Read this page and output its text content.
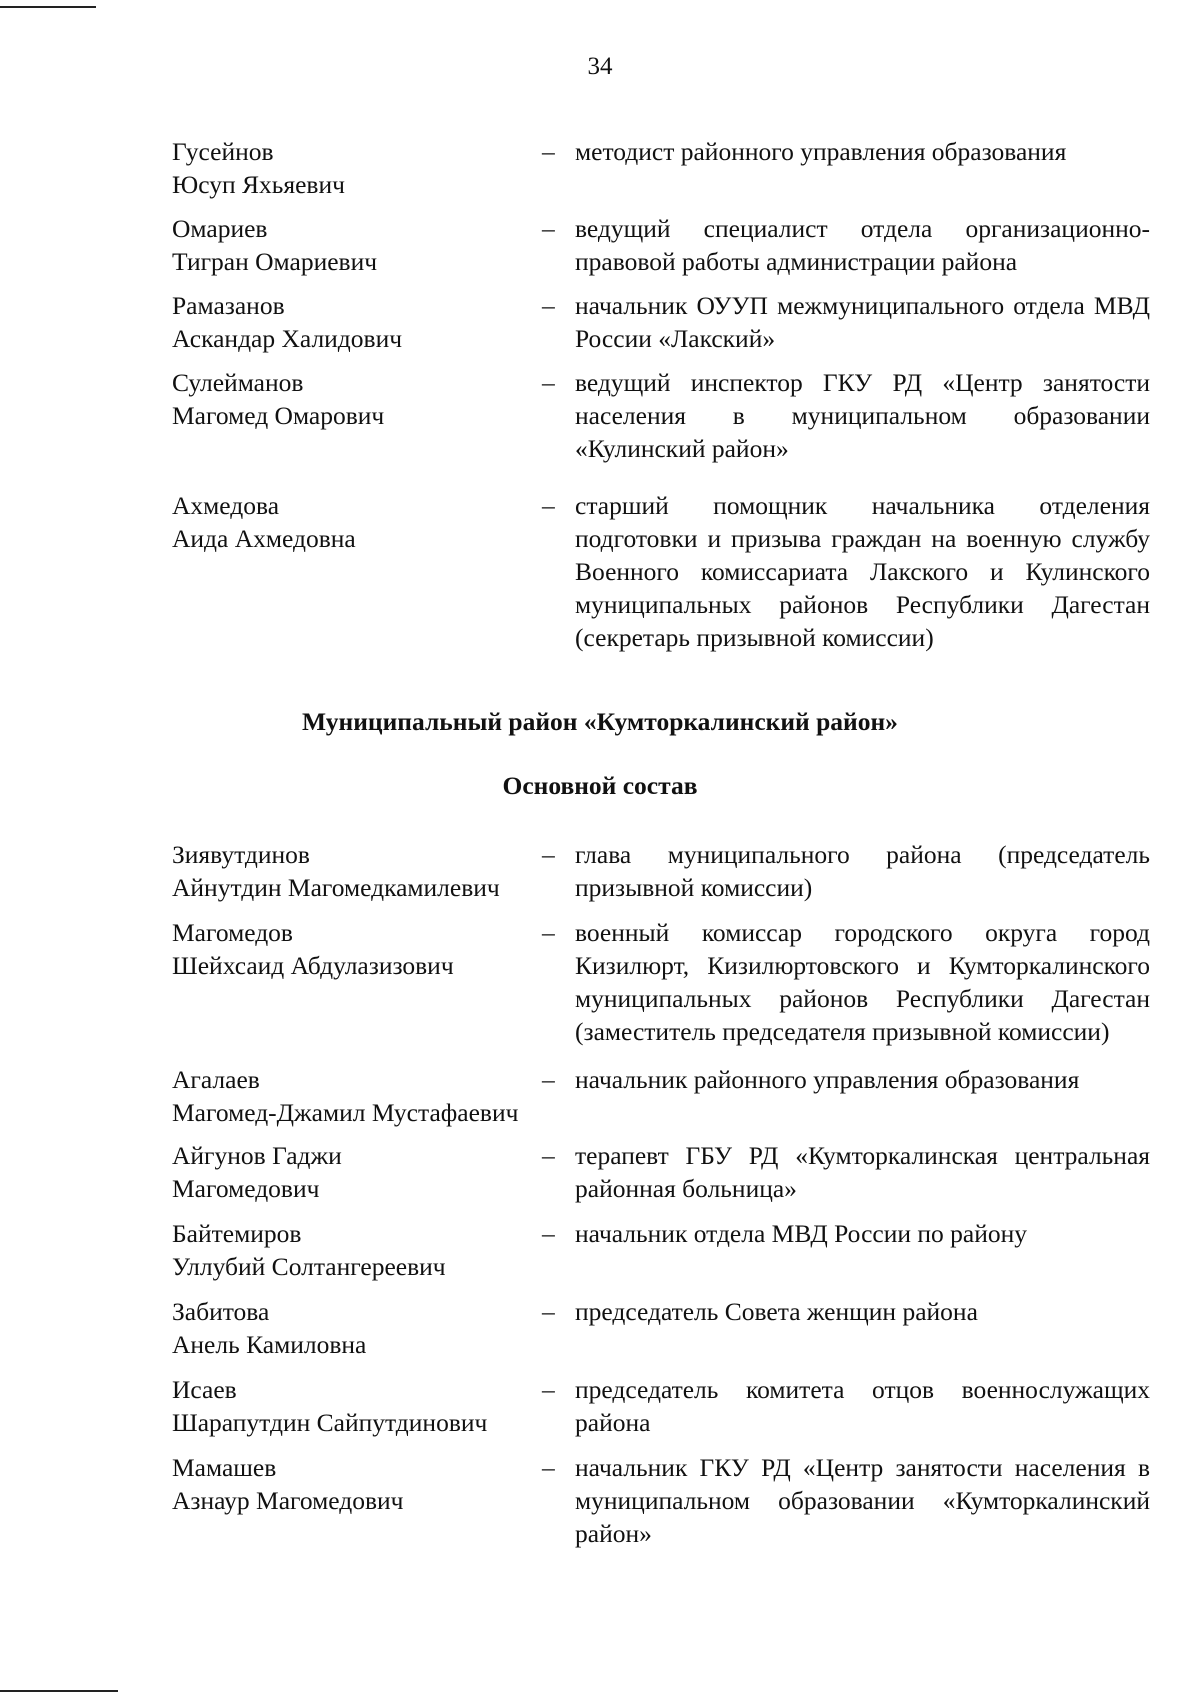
34
Гусейнов
Юсуп Яхьяевич
– методист районного управления образования
Омариев
Тигран Омариевич
– ведущий специалист отдела организационно-правовой работы администрации района
Рамазанов
Аскандар Халидович
– начальник ОУУП межмуниципального отдела МВД России «Лакский»
Сулейманов
Магомед Омарович
– ведущий инспектор ГКУ РД «Центр занятости населения в муниципальном образовании «Кулинский район»
Ахмедова
Аида Ахмедовна
– старший помощник начальника отделения подготовки и призыва граждан на военную службу Военного комиссариата Лакского и Кулинского муниципальных районов Республики Дагестан (секретарь призывной комиссии)
Муниципальный район «Кумторкалинский район»
Основной состав
Зиявутдинов
Айнутдин Магомедкамилевич
– глава муниципального района (председатель призывной комиссии)
Магомедов
Шейхсаид Абдулазизович
– военный комиссар городского округа город Кизилюрт, Кизилюртовского и Кумторкалинского муниципальных районов Республики Дагестан (заместитель председателя призывной комиссии)
Агалаев
Магомед-Джамил Мустафаевич
– начальник районного управления образования
Айгунов Гаджи
Магомедович
– терапевт ГБУ РД «Кумторкалинская центральная районная больница»
Байтемиров
Уллубий Солтангереевич
– начальник отдела МВД России по району
Забитова
Анель Камиловна
– председатель Совета женщин района
Исаев
Шарапутдин Сайпутдинович
– председатель комитета отцов военнослужащих района
Мамашев
Азнаур Магомедович
– начальник ГКУ РД «Центр занятости населения в муниципальном образовании «Кумторкалинский район»
